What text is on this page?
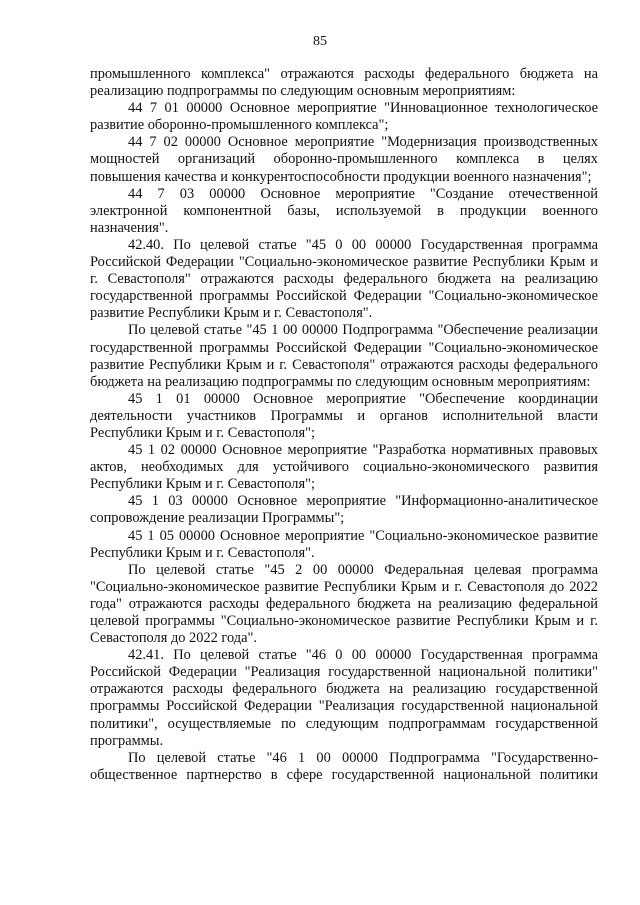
85

промышленного комплекса" отражаются расходы федерального бюджета на реализацию подпрограммы по следующим основным мероприятиям:

44 7 01 00000 Основное мероприятие "Инновационное технологическое развитие оборонно-промышленного комплекса";

44 7 02 00000 Основное мероприятие "Модернизация производственных мощностей организаций оборонно-промышленного комплекса в целях повышения качества и конкурентоспособности продукции военного назначения";

44 7 03 00000 Основное мероприятие "Создание отечественной электронной компонентной базы, используемой в продукции военного назначения".

42.40. По целевой статье "45 0 00 00000 Государственная программа Российской Федерации "Социально-экономическое развитие Республики Крым и г. Севастополя" отражаются расходы федерального бюджета на реализацию государственной программы Российской Федерации "Социально-экономическое развитие Республики Крым и г. Севастополя".

По целевой статье "45 1 00 00000 Подпрограмма "Обеспечение реализации государственной программы Российской Федерации "Социально-экономическое развитие Республики Крым и г. Севастополя" отражаются расходы федерального бюджета на реализацию подпрограммы по следующим основным мероприятиям:

45 1 01 00000 Основное мероприятие "Обеспечение координации деятельности участников Программы и органов исполнительной власти Республики Крым и г. Севастополя";

45 1 02 00000 Основное мероприятие "Разработка нормативных правовых актов, необходимых для устойчивого социально-экономического развития Республики Крым и г. Севастополя";

45 1 03 00000 Основное мероприятие "Информационно-аналитическое сопровождение реализации Программы";

45 1 05 00000 Основное мероприятие "Социально-экономическое развитие Республики Крым и г. Севастополя".

По целевой статье "45 2 00 00000 Федеральная целевая программа "Социально-экономическое развитие Республики Крым и г. Севастополя до 2022 года" отражаются расходы федерального бюджета на реализацию федеральной целевой программы "Социально-экономическое развитие Республики Крым и г. Севастополя до 2022 года".

42.41. По целевой статье "46 0 00 00000 Государственная программа Российской Федерации "Реализация государственной национальной политики" отражаются расходы федерального бюджета на реализацию государственной программы Российской Федерации "Реализация государственной национальной политики", осуществляемые по следующим подпрограммам государственной программы.

По целевой статье "46 1 00 00000 Подпрограмма "Государственно-общественное партнерство в сфере государственной национальной политики
